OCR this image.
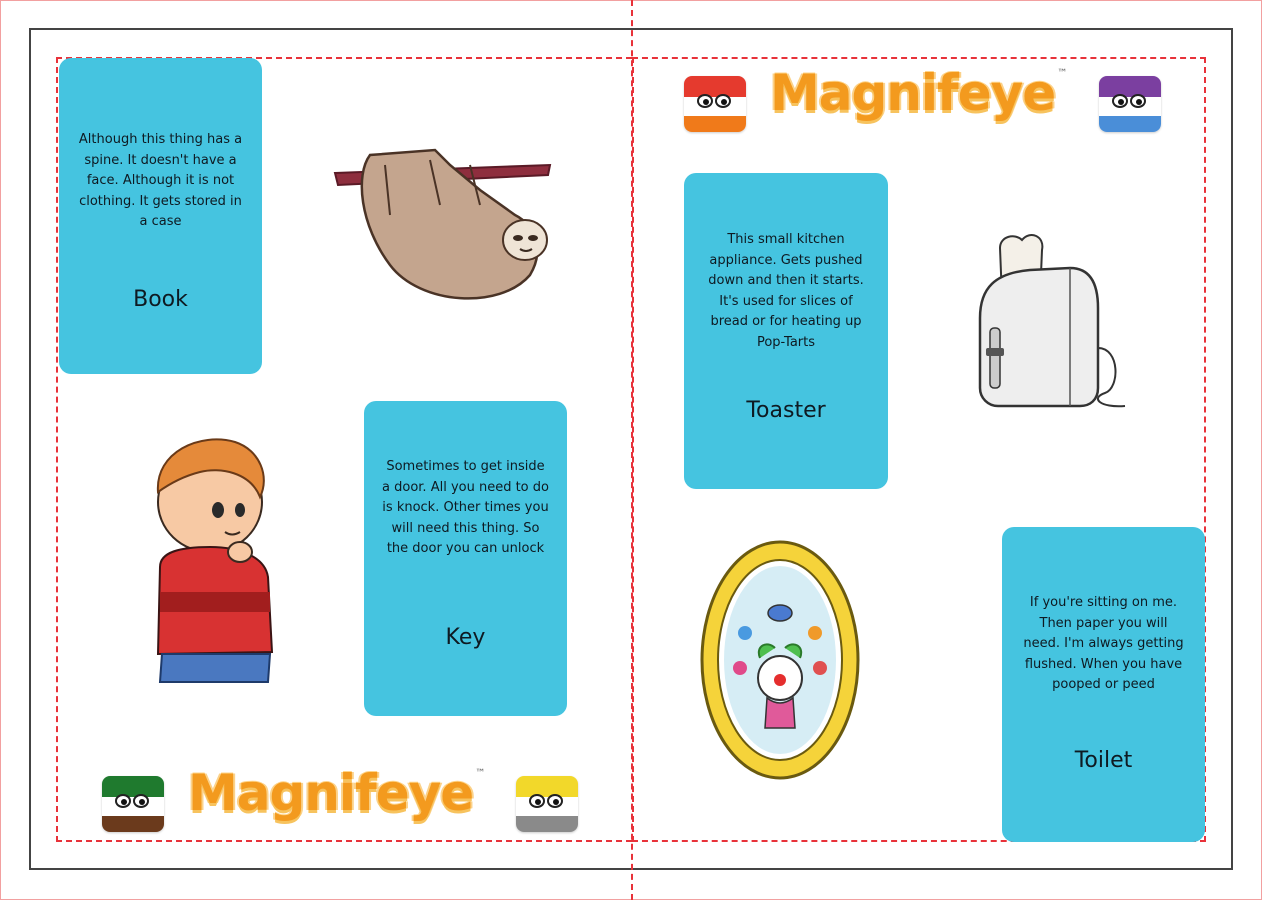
Although this thing has a spine. It doesn't have a face. Although it is not clothing. It gets stored in a case
Book
Sometimes to get inside a door. All you need to do is knock. Other times you will need this thing. So the door you can unlock
Key
This small kitchen appliance. Gets pushed down and then it starts. It's used for slices of bread or for heating up Pop-Tarts
Toaster
If you're sitting on me. Then paper you will need. I'm always getting flushed. When you have pooped or peed
Toilet
Magnifeye ™
Magnifeye ™
